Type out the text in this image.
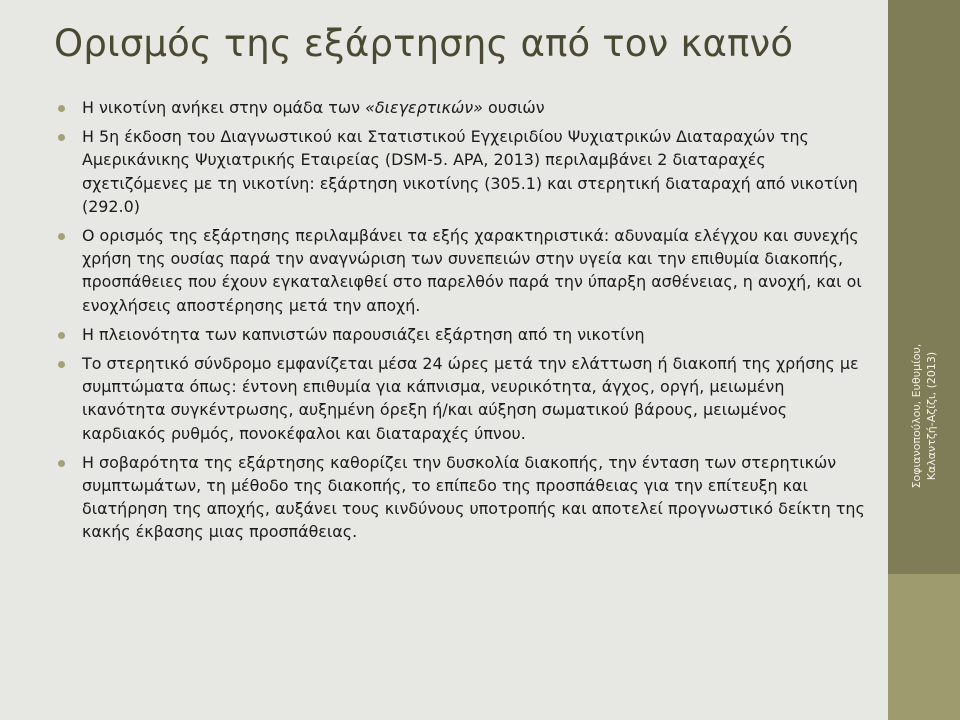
Ορισμός της εξάρτησης από τον καπνό
Η νικοτίνη ανήκει στην ομάδα των «διεγερτικών» ουσιών
Η 5η έκδοση του Διαγνωστικού και Στατιστικού Εγχειριδίου Ψυχιατρικών Διαταραχών της Αμερικάνικης Ψυχιατρικής Εταιρείας (DSM-5. APA, 2013) περιλαμβάνει 2 διαταραχές σχετιζόμενες με τη νικοτίνη: εξάρτηση νικοτίνης (305.1) και στερητική διαταραχή από νικοτίνη (292.0)
Ο ορισμός της εξάρτησης περιλαμβάνει τα εξής χαρακτηριστικά: αδυναμία ελέγχου και συνεχής χρήση της ουσίας παρά την αναγνώριση των συνεπειών στην υγεία και την επιθυμία διακοπής, προσπάθειες που έχουν εγκαταλειφθεί στο παρελθόν παρά την ύπαρξη ασθένειας, η ανοχή, και οι ενοχλήσεις αποστέρησης μετά την αποχή.
Η πλειονότητα των καπνιστών παρουσιάζει εξάρτηση από τη νικοτίνη
Το στερητικό σύνδρομο εμφανίζεται μέσα 24 ώρες μετά την ελάττωση ή διακοπή της χρήσης με συμπτώματα όπως: έντονη επιθυμία για κάπνισμα, νευρικότητα, άγχος, οργή, μειωμένη ικανότητα συγκέντρωσης, αυξημένη όρεξη ή/και αύξηση σωματικού βάρους, μειωμένος καρδιακός ρυθμός, πονοκέφαλοι και διαταραχές ύπνου.
Η σοβαρότητα της εξάρτησης καθορίζει την δυσκολία διακοπής, την ένταση των στερητικών συμπτωμάτων, τη μέθοδο της διακοπής, το επίπεδο της προσπάθειας για την επίτευξη και διατήρηση της αποχής, αυξάνει τους κινδύνους υποτροπής και αποτελεί προγνωστικό δείκτη της κακής έκβασης μιας προσπάθειας.
Σοφιανοπούλου, Ευθυμίου, Καλαντζή-Αζίζι, (2013)
